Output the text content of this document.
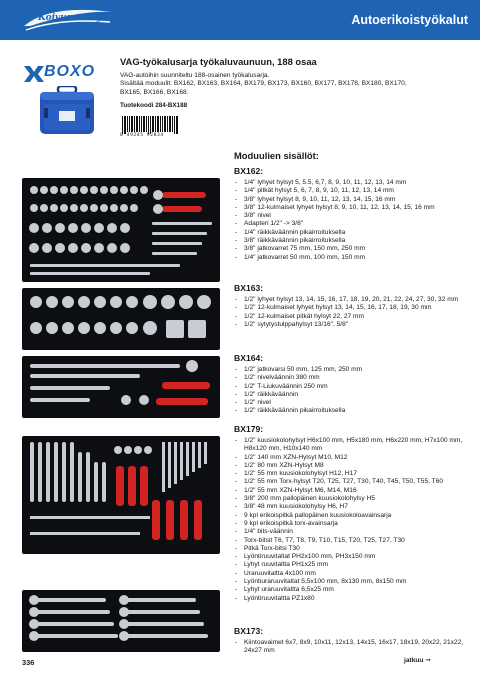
Koivunen Oy	Autoerikoistyökalut
BOXO
VAG-työkalusarja työkaluvaunuun, 188 osaa
VAG-autoihin suunniteltu 188-osainen työkalusarja.
Sisältää moduulit: BX162, BX163, BX164, BX179, BX173, BX160, BX177, BX178, BX180, BX170,
BX165, BX166, BX168.
Tuotekoodi 284-BX188
0 49245 92834
Moduulien sisällöt:
BX162:
- 1/4" lyhyet hylsyt 5, 5.5, 6,7, 8, 9, 10, 11, 12, 13, 14 mm
- 1/4" pitkät hylsyt 5, 6, 7, 8, 9, 10, 11, 12, 13, 14 mm
- 3/8" lyhyet hylsyt 8, 9, 10, 11, 12, 13, 14, 15, 16 mm
- 3/8" 12-kulmaiset lyhyet hylsyt 8, 9, 10, 11, 12, 13, 14, 15, 16 mm
- 3/8" nivel
- Adapteri 1/2" -> 3/8"
- 1/4" räikkäväännin pikairroituksella
- 3/8" räikkäväännin pikairroituksella
- 3/8" jatkovarret 75 mm, 150 mm, 250 mm
- 1/4" jatkovarret 50 mm, 100 mm, 150 mm
BX163:
- 1/2" lyhyet hylsyt 13, 14, 15, 16, 17, 18, 19, 20, 21, 22, 24, 27, 30, 32 mm
- 1/2" 12-kulmaiset lyhyet hylsyt 13, 14, 15, 16, 17, 18, 19, 30 mm
- 1/2" 12-kulmaiset pitkät hylsyt 22, 27 mm
- 1/2" sytytystulppahylsyt 13/16", 5/8"
BX164:
- 1/2" jatkovarsi 50 mm, 125 mm, 250 mm
- 1/2" nivelväännin 380 mm
- 1/2" T-Liukuväännin 250 mm
- 1/2" räikkäväännin
- 1/2" nivel
- 1/2" räikkäväännin pikairroituksella
BX179:
- 1/2" kuusiokolohylsyt H6x100 mm, H5x180 mm, H6x220 mm, H7x100 mm, H8x120 mm, H10x140 mm
- 1/2" 140 mm XZN-Hylsyt M10, M12
- 1/2" 80 mm XZN-Hylsyt M8
- 1/2" 55 mm kuusiokolohylsyt H12, H17
- 1/2" 55 mm Torx-hylsyt T20, T25, T27, T30, T40, T45, T50, T55, T60
- 1/2" 55 mm XZN-Hylsyt M6, M14, M16
- 3/8" 200 mm pallopäinen kuusiokolohylsy H5
- 3/8" 48 mm kuusiokolohylsy H6, H7
- 9 kpl erikoispitkä pallopäinen kuusiokoloavainsarja
- 9 kpl erikoispitkä torx-avainsarja
- 1/4" bits-väännin
- Torx-bitsit T6, T7, T8, T9, T10, T15, T20, T25, T27, T30
- Pitkä Torx-bitsi T30
- Lyöntiruuvitaltat PH2x100 mm, PH3x150 mm
- Lyhyt ruuvitaltta PH1x25 mm
- Uraruuvitaltta 4x100 mm
- Lyöntiuraruuvitaltat 5,5x100 mm, 8x130 mm, 8x150 mm
- Lyhyt uraruuvitaltta 6,5x25 mm
- Lyöntiruuvitaltta PZ1x80
BX173:
- Kiintoavaimet 6x7, 8x9, 10x11, 12x13, 14x15, 16x17, 18x19, 20x22, 21x22, 24x27 mm
336	jatkuu ➞
